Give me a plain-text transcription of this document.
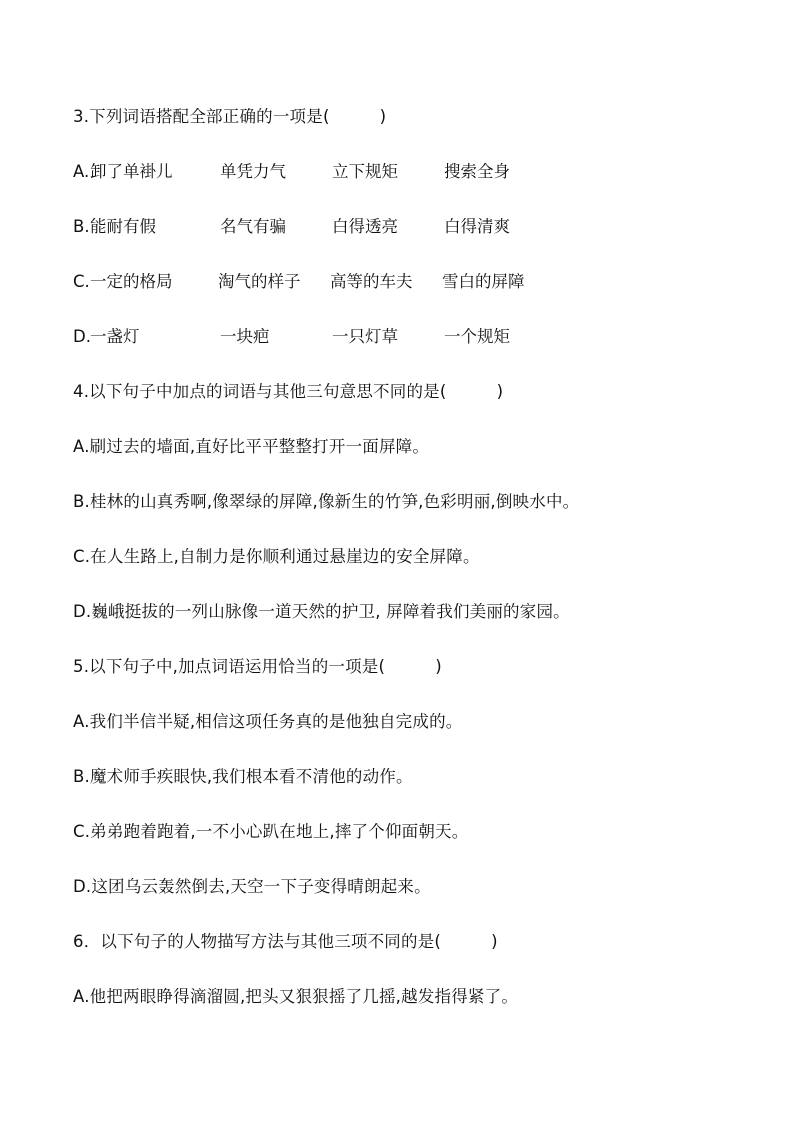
3.下列词语搭配全部正确的一项是(　　　)
A. 卸了单褂儿	单凭力气	立下规矩	搜索全身
B. 能耐有假	名气有骗	白得透亮	白得清爽
C. 一定的格局	淘气的样子 高等的车夫 雪白的屏障
D. 一盏灯	一块疤	一只灯草	一个规矩
4.以下句子中加点的词语与其他三句意思不同的是(　　　)
A.刷过去的墙面,直好比平平整整打开一面屏障。
B.桂林的山真秀啊,像翠绿的屏障,像新生的竹笋,色彩明丽,倒映水中。
C.在人生路上,自制力是你顺利通过悬崖边的安全屏障。
D.巍峨挺拔的一列山脉像一道天然的护卫, 屏障着我们美丽的家园。
5.以下句子中,加点词语运用恰当的一项是(　　　)
A.我们半信半疑,相信这项任务真的是他独自完成的。
B.魔术师手疾眼快,我们根本看不清他的动作。
C.弟弟跑着跑着,一不小心趴在地上,摔了个仰面朝天。
D.这团乌云轰然倒去,天空一下子变得晴朗起来。
6．以下句子的人物描写方法与其他三项不同的是(　　　)
A.他把两眼睁得滴溜圆,把头又狠狠摇了几摇,越发指得紧了。
